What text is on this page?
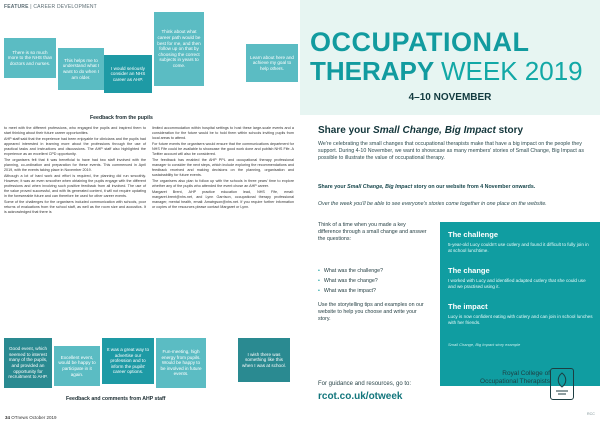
FEATURE | CAREER DEVELOPMENT
There is so much more to the NHS than doctors and nurses.
This helps me to understand what I want to do when I am older.
I would seriously consider an NHS career as AHP.
Think about what career path would be best for me, and then follow up on that by choosing the correct subjects in years to come.
Learn about here and achieve my goal to help others.
Feedback from the pupils

to meet with the different professions, who engaged the pupils and inspired them to start thinking about their future career opportunities.

AHP staff said that the experience had been enjoyable for clinicians and the pupils had appeared interested in learning more about the professions through the use of practical tasks and instructions and discussions. The AHP staff also highlighted the experience as an excellent CPD opportunity.

The organisers felt that it was beneficial to have had two staff involved with the planning, co-ordination and preparation for these events. This commenced in April 2019, with the events taking place in November 2019.

Although a lot of hard work and effort is required, the planning did run smoothly. However, it was an even smoother when obtaining the pupils engage with the different professions and when involving such positive feedback from all involved. The use of the value proved successful, and with its generated content, it will not require updating in the foreseeable future and can therefore be used for other career events.

Some of the challenges for the organisers included communication with schools, poor returns of evaluations from the school staff, as well as the room size and acoustics. It is acknowledged that there is

limited accommodation within hospital settings to host these large-scale events and a consideration for the future would be to hold them within schools inviting pupils from local areas to attend.

For future events the organisers would ensure that the communications department for NHS Fife could be available to showcase the good work done and publish NHS Fife. A Twitter account will also be considered.

The feedback has enabled the AHP PPL and occupational therapy professional manager to consider the next steps, which include exploring the recommendations and feedback received and making decisions on the planning, organisation and sustainability for future events.

The organisers also plan to follow up with the schools in three years' time to explore whether any of the pupils who attended the event chose an AHP career.

Margaret Brent, AHP practice education lead, NHS Fife, email: margaret.brent@nhs.net, and Lynn Garrison, occupational therapy professional manager, mental health, email: Amatrgson@nhs.net. If you require further information or copies of the resources please contact Margaret or Lynn.

Good event, which seemed to interest many of the pupils, and provided an opportunity for recruitment to AHP.
Excellent event, would be happy to participate in it again.
It was a great way to advertise our profession and to inform the pupils' career options.
Fun-meeting, high energy from pupils. Would be happy to be involved in future events.
I wish there was something like this when I was at school.
Feedback and comments from AHP staff
34 OTnews October 2019
OCCUPATIONAL
THERAPY WEEK 2019
4–10 NOVEMBER
Share your Small Change, Big Impact story
We're celebrating the small changes that occupational therapists make that have a big impact on the people they support. During 4-10 November, we want to showcase as many members' stories of Small Change, Big Impact as possible to illustrate the value of occupational therapy.
Share your Small Change, Big Impact story on our website from 4 November onwards.
Over the week you'll be able to see everyone's stories come together in one place on the website.
Think of a time when you made a key difference through a small change and answer the questions:
• What was the challenge?
• What was the change?
• What was the impact?
Use the storytelling tips and examples on our website to help you choose and write your story.
The challenge
5-year-old Lucy couldn't use cutlery and found it difficult to fully join in at school lunchtime.
The change
I worked with Lucy and identified adapted cutlery that she could use and we practised using it.
The impact
Lucy is now confident eating with cutlery and can join in school lunches with her friends.
Small Change, Big Impact story example
For guidance and resources, go to:
rcot.co.uk/otweek
Royal College of Occupational Therapists
RCC
